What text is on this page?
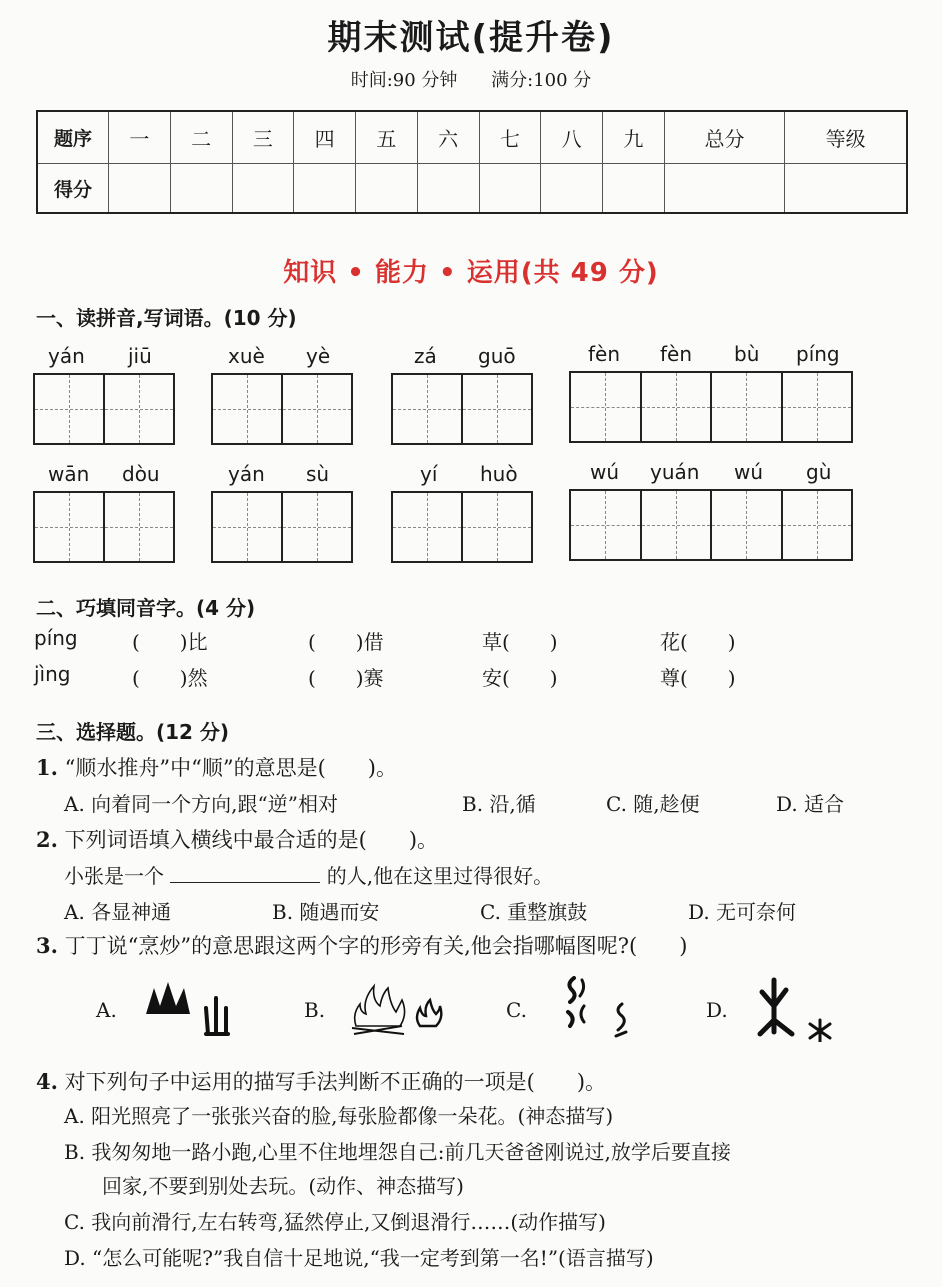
期末测试(提升卷)
时间:90 分钟 满分:100 分
题序	一	二	三	四	五	六	七	八	九	总分	等级
得分											
知识 • 能力 • 运用(共 49 分)
一、读拼音,写词语。(10 分)
yán jiū	xuè yè	zá guō	fèn fèn bù píng
wān dòu	yán sù	yí huò	wú yuán wú gù
二、巧填同音字。(4 分)
píng	(　　)比	(　　)借	草(　　)	花(　　)
jìng	(　　)然	(　　)赛	安(　　)	尊(　　)
三、选择题。(12 分)
1. “顺水推舟”中“顺”的意思是(　　)。
A. 向着同一个方向,跟“逆”相对	B. 沿,循	C. 随,趁便	D. 适合
2. 下列词语填入横线中最合适的是(　　)。
小张是一个	的人,他在这里过得很好。
A. 各显神通	B. 随遇而安	C. 重整旗鼓	D. 无可奈何
3. 丁丁说“烹炒”的意思跟这两个字的形旁有关,他会指哪幅图呢?(　　)
A.	B.	C.	D.
4. 对下列句子中运用的描写手法判断不正确的一项是(　　)。
A. 阳光照亮了一张张兴奋的脸,每张脸都像一朵花。(神态描写)
B. 我匆匆地一路小跑,心里不住地埋怨自己:前几天爸爸刚说过,放学后要直接
回家,不要到别处去玩。(动作、神态描写)
C. 我向前滑行,左右转弯,猛然停止,又倒退滑行……(动作描写)
D. “怎么可能呢?”我自信十足地说,“我一定考到第一名!”(语言描写)
